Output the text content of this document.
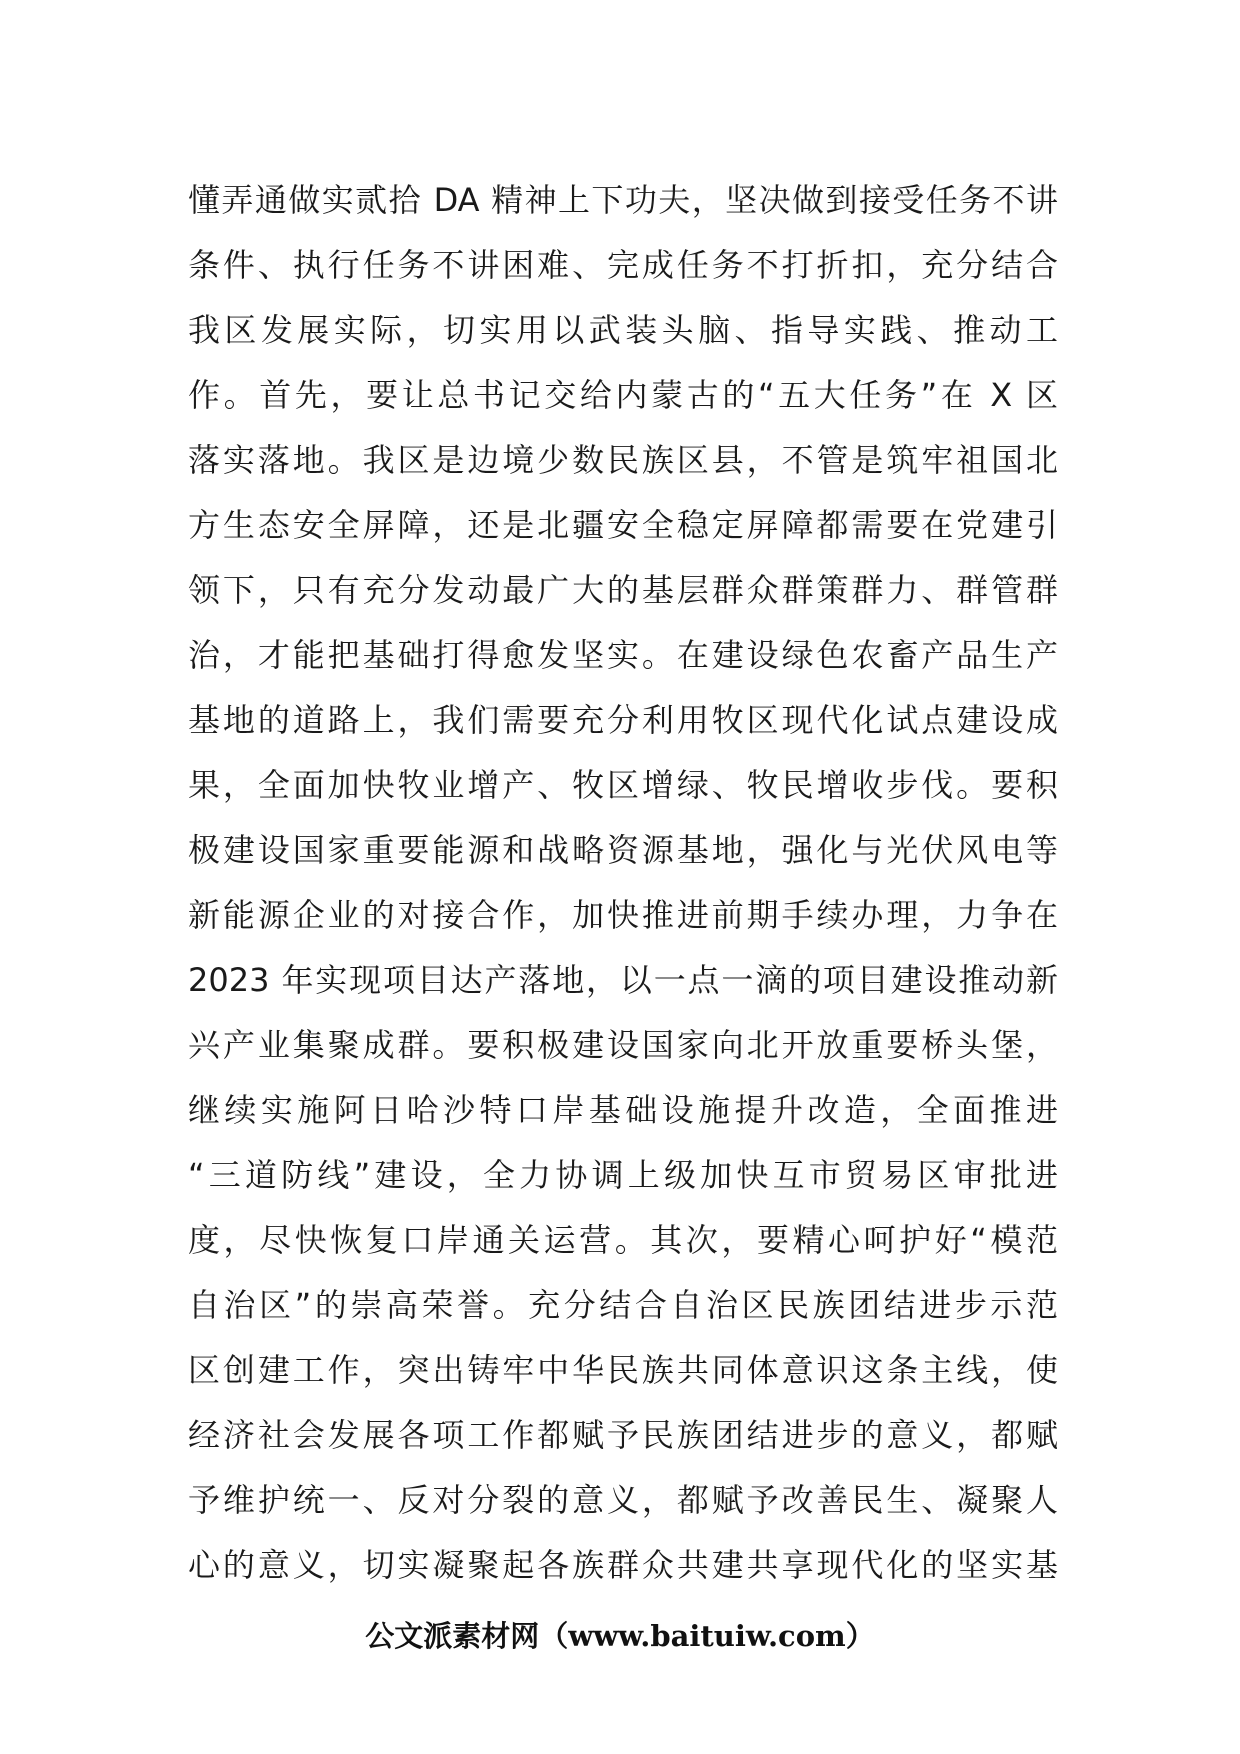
懂弄通做实贰拾 DA 精神上下功夫，坚决做到接受任务不讲
条件、执行任务不讲困难、完成任务不打折扣，充分结合
我区发展实际，切实用以武装头脑、指导实践、推动工
作。首先，要让总书记交给内蒙古的“五大任务”在 X 区
落实落地。我区是边境少数民族区县，不管是筑牢祖国北
方生态安全屏障，还是北疆安全稳定屏障都需要在党建引
领下，只有充分发动最广大的基层群众群策群力、群管群
治，才能把基础打得愈发坚实。在建设绿色农畜产品生产
基地的道路上，我们需要充分利用牧区现代化试点建设成
果，全面加快牧业增产、牧区增绿、牧民增收步伐。要积
极建设国家重要能源和战略资源基地，强化与光伏风电等
新能源企业的对接合作，加快推进前期手续办理，力争在
2023 年实现项目达产落地，以一点一滴的项目建设推动新
兴产业集聚成群。要积极建设国家向北开放重要桥头堡，
继续实施阿日哈沙特口岸基础设施提升改造，全面推进
“三道防线”建设，全力协调上级加快互市贸易区审批进
度，尽快恢复口岸通关运营。其次，要精心呵护好“模范
自治区”的崇高荣誉。充分结合自治区民族团结进步示范
区创建工作，突出铸牢中华民族共同体意识这条主线，使
经济社会发展各项工作都赋予民族团结进步的意义，都赋
予维护统一、反对分裂的意义，都赋予改善民生、凝聚人
心的意义，切实凝聚起各族群众共建共享现代化的坚实基
公文派素材网（www.baituiw.com）
